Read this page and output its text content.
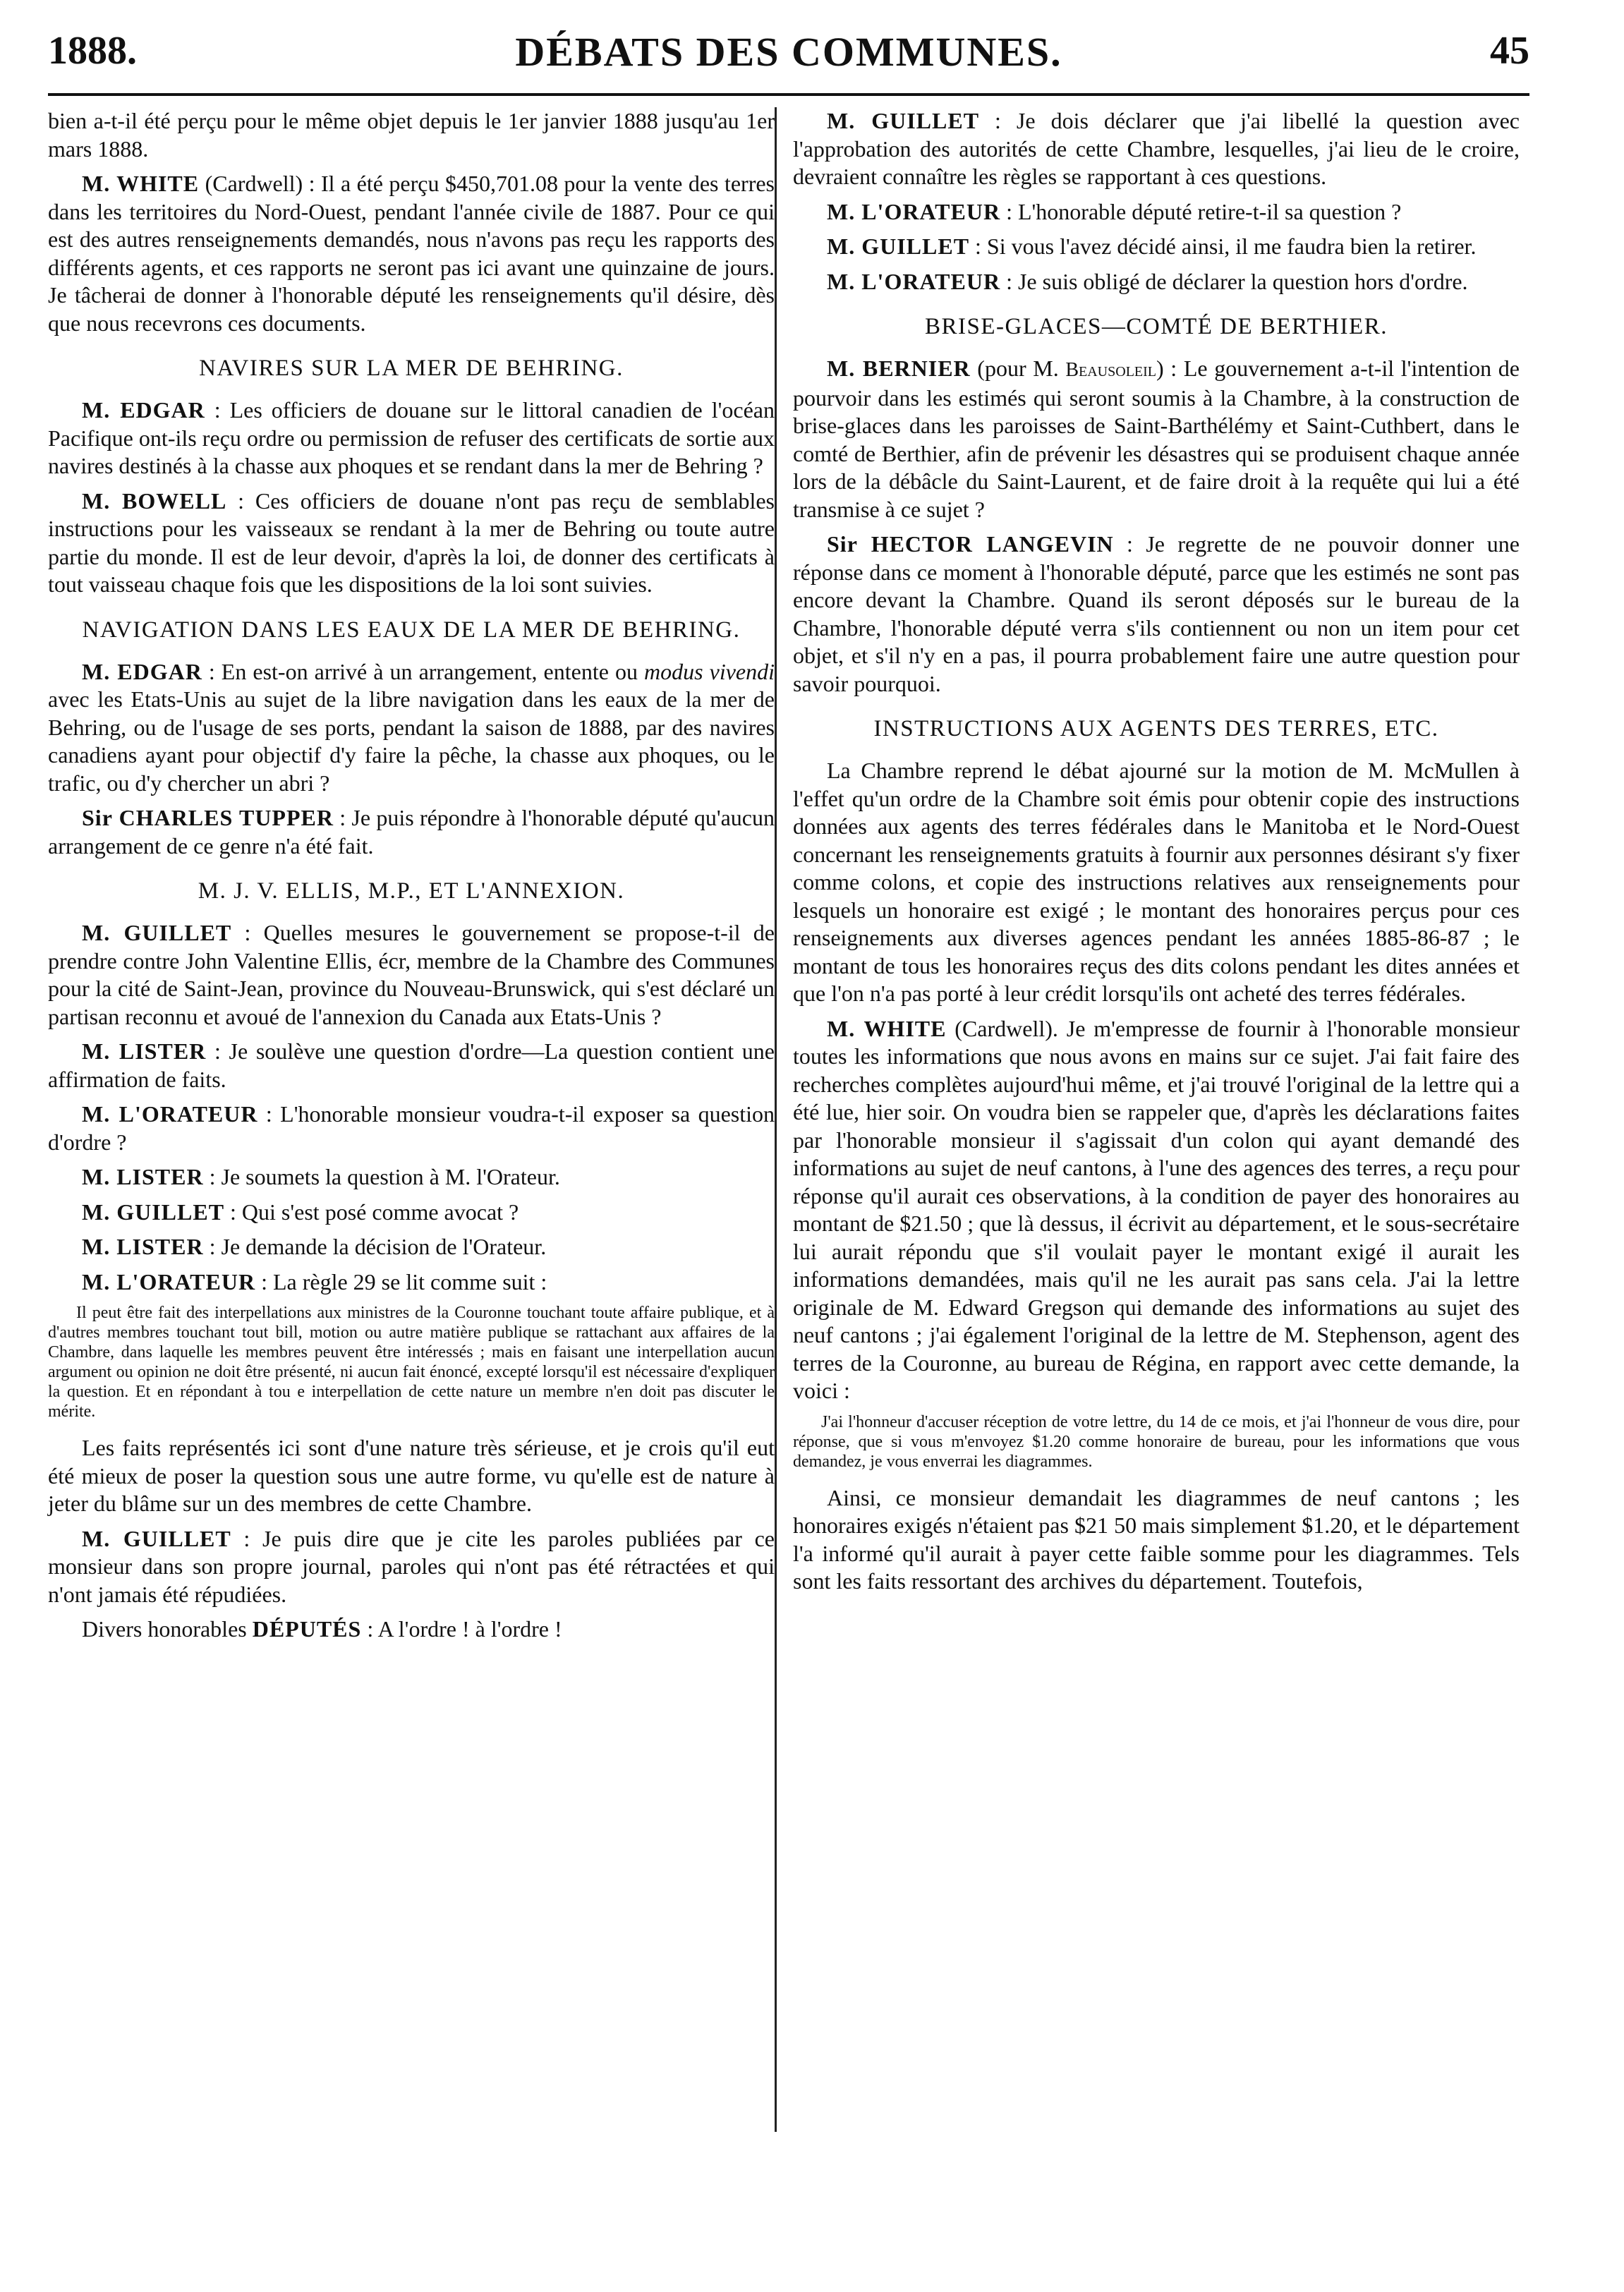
1888.	DÉBATS DES COMMUNES.	45

bien a-t-il été perçu pour le même objet depuis le 1er janvier 1888 jusqu'au 1er mars 1888.

M. WHITE (Cardwell) : Il a été perçu $450,701.08 pour la vente des terres dans les territoires du Nord-Ouest, pendant l'année civile de 1887. Pour ce qui est des autres renseignements demandés, nous n'avons pas reçu les rapports des différents agents, et ces rapports ne seront pas ici avant une quinzaine de jours. Je tâcherai de donner à l'honorable député les renseignements qu'il désire, dès que nous recevrons ces documents.

NAVIRES SUR LA MER DE BEHRING.

M. EDGAR : Les officiers de douane sur le littoral canadien de l'océan Pacifique ont-ils reçu ordre ou permission de refuser des certificats de sortie aux navires destinés à la chasse aux phoques et se rendant dans la mer de Behring ?

M. BOWELL : Ces officiers de douane n'ont pas reçu de semblables instructions pour les vaisseaux se rendant à la mer de Behring ou toute autre partie du monde. Il est de leur devoir, d'après la loi, de donner des certificats à tout vaisseau chaque fois que les dispositions de la loi sont suivies.

NAVIGATION DANS LES EAUX DE LA MER DE BEHRING.

M. EDGAR : En est-on arrivé à un arrangement, entente ou modus vivendi avec les Etats-Unis au sujet de la libre navigation dans les eaux de la mer de Behring, ou de l'usage de ses ports, pendant la saison de 1888, par des navires canadiens ayant pour objectif d'y faire la pêche, la chasse aux phoques, ou le trafic, ou d'y chercher un abri ?

Sir CHARLES TUPPER : Je puis répondre à l'honorable député qu'aucun arrangement de ce genre n'a été fait.

M. J. V. ELLIS, M.P., ET L'ANNEXION.

M. GUILLET : Quelles mesures le gouvernement se propose-t-il de prendre contre John Valentine Ellis, écr, membre de la Chambre des Communes pour la cité de Saint-Jean, province du Nouveau-Brunswick, qui s'est déclaré un partisan reconnu et avoué de l'annexion du Canada aux Etats-Unis ?

M. LISTER : Je soulève une question d'ordre—La question contient une affirmation de faits.

M. L'ORATEUR : L'honorable monsieur voudra-t-il exposer sa question d'ordre ?

M. LISTER : Je soumets la question à M. l'Orateur.

M. GUILLET : Qui s'est posé comme avocat ?

M. LISTER : Je demande la décision de l'Orateur.

M. L'ORATEUR : La règle 29 se lit comme suit :

Il peut être fait des interpellations aux ministres de la Couronne touchant toute affaire publique, et à d'autres membres touchant tout bill, motion ou autre matière publique se rattachant aux affaires de la Chambre, dans laquelle les membres peuvent être intéressés ; mais en faisant une interpellation aucun argument ou opinion ne doit être présenté, ni aucun fait énoncé, excepté lorsqu'il est nécessaire d'expliquer la question. Et en répondant à tou e interpellation de cette nature un membre n'en doit pas discuter le mérite.

Les faits représentés ici sont d'une nature très sérieuse, et je crois qu'il eut été mieux de poser la question sous une autre forme, vu qu'elle est de nature à jeter du blâme sur un des membres de cette Chambre.

M. GUILLET : Je puis dire que je cite les paroles publiées par ce monsieur dans son propre journal, paroles qui n'ont pas été rétractées et qui n'ont jamais été répudiées.

Divers honorables DÉPUTÉS : A l'ordre ! à l'ordre !

M. GUILLET : Je dois déclarer que j'ai libellé la question avec l'approbation des autorités de cette Chambre, lesquelles, j'ai lieu de le croire, devraient connaître les règles se rapportant à ces questions.

M. L'ORATEUR : L'honorable député retire-t-il sa question ?

M. GUILLET : Si vous l'avez décidé ainsi, il me faudra bien la retirer.

M. L'ORATEUR : Je suis obligé de déclarer la question hors d'ordre.

BRISE-GLACES—COMTÉ DE BERTHIER.

M. BERNIER (pour M. Beausoleil) : Le gouvernement a-t-il l'intention de pourvoir dans les estimés qui seront soumis à la Chambre, à la construction de brise-glaces dans les paroisses de Saint-Barthélémy et Saint-Cuthbert, dans le comté de Berthier, afin de prévenir les désastres qui se produisent chaque année lors de la débâcle du Saint-Laurent, et de faire droit à la requête qui lui a été transmise à ce sujet ?

Sir HECTOR LANGEVIN : Je regrette de ne pouvoir donner une réponse dans ce moment à l'honorable député, parce que les estimés ne sont pas encore devant la Chambre. Quand ils seront déposés sur le bureau de la Chambre, l'honorable député verra s'ils contiennent ou non un item pour cet objet, et s'il n'y en a pas, il pourra probablement faire une autre question pour savoir pourquoi.

INSTRUCTIONS AUX AGENTS DES TERRES, ETC.

La Chambre reprend le débat ajourné sur la motion de M. McMullen à l'effet qu'un ordre de la Chambre soit émis pour obtenir copie des instructions données aux agents des terres fédérales dans le Manitoba et le Nord-Ouest concernant les renseignements gratuits à fournir aux personnes désirant s'y fixer comme colons, et copie des instructions relatives aux renseignements pour lesquels un honoraire est exigé ; le montant des honoraires perçus pour ces renseignements aux diverses agences pendant les années 1885-86-87 ; le montant de tous les honoraires reçus des dits colons pendant les dites années et que l'on n'a pas porté à leur crédit lorsqu'ils ont acheté des terres fédérales.

M. WHITE (Cardwell). Je m'empresse de fournir à l'honorable monsieur toutes les informations que nous avons en mains sur ce sujet. J'ai fait faire des recherches complètes aujourd'hui même, et j'ai trouvé l'original de la lettre qui a été lue, hier soir. On voudra bien se rappeler que, d'après les déclarations faites par l'honorable monsieur il s'agissait d'un colon qui ayant demandé des informations au sujet de neuf cantons, à l'une des agences des terres, a reçu pour réponse qu'il aurait ces observations, à la condition de payer des honoraires au montant de $21.50 ; que là dessus, il écrivit au département, et le sous-secrétaire lui aurait répondu que s'il voulait payer le montant exigé il aurait les informations demandées, mais qu'il ne les aurait pas sans cela. J'ai la lettre originale de M. Edward Gregson qui demande des informations au sujet des neuf cantons ; j'ai également l'original de la lettre de M. Stephenson, agent des terres de la Couronne, au bureau de Régina, en rapport avec cette demande, la voici :

J'ai l'honneur d'accuser réception de votre lettre, du 14 de ce mois, et j'ai l'honneur de vous dire, pour réponse, que si vous m'envoyez $1.20 comme honoraire de bureau, pour les informations que vous demandez, je vous enverrai les diagrammes.

Ainsi, ce monsieur demandait les diagrammes de neuf cantons ; les honoraires exigés n'étaient pas $21 50 mais simplement $1.20, et le département l'a informé qu'il aurait à payer cette faible somme pour les diagrammes. Tels sont les faits ressortant des archives du département. Toutefois,
